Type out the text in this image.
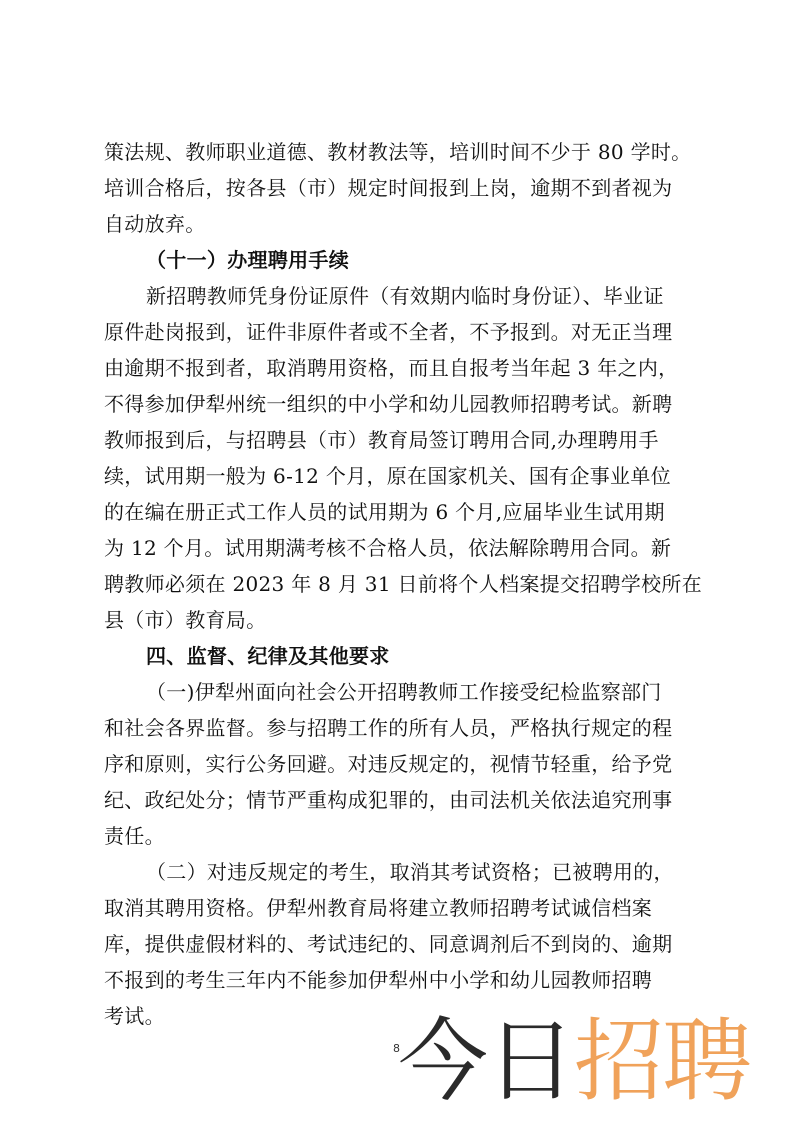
策法规、教师职业道德、教材教法等，培训时间不少于 80 学时。
培训合格后，按各县（市）规定时间报到上岗，逾期不到者视为
自动放弃。
（十一）办理聘用手续
新招聘教师凭身份证原件（有效期内临时身份证）、毕业证
原件赴岗报到，证件非原件者或不全者，不予报到。对无正当理
由逾期不报到者，取消聘用资格，而且自报考当年起 3 年之内，
不得参加伊犁州统一组织的中小学和幼儿园教师招聘考试。新聘
教师报到后，与招聘县（市）教育局签订聘用合同,办理聘用手
续，试用期一般为 6-12 个月，原在国家机关、国有企事业单位
的在编在册正式工作人员的试用期为 6 个月,应届毕业生试用期
为 12 个月。试用期满考核不合格人员，依法解除聘用合同。新
聘教师必须在 2023 年 8 月 31 日前将个人档案提交招聘学校所在
县（市）教育局。
四、监督、纪律及其他要求
（一)伊犁州面向社会公开招聘教师工作接受纪检监察部门
和社会各界监督。参与招聘工作的所有人员，严格执行规定的程
序和原则，实行公务回避。对违反规定的，视情节轻重，给予党
纪、政纪处分；情节严重构成犯罪的，由司法机关依法追究刑事
责任。
（二）对违反规定的考生，取消其考试资格；已被聘用的，
取消其聘用资格。伊犁州教育局将建立教师招聘考试诚信档案
库，提供虚假材料的、考试违纪的、同意调剂后不到岗的、逾期
不报到的考生三年内不能参加伊犁州中小学和幼儿园教师招聘
考试。
8
今日招聘
